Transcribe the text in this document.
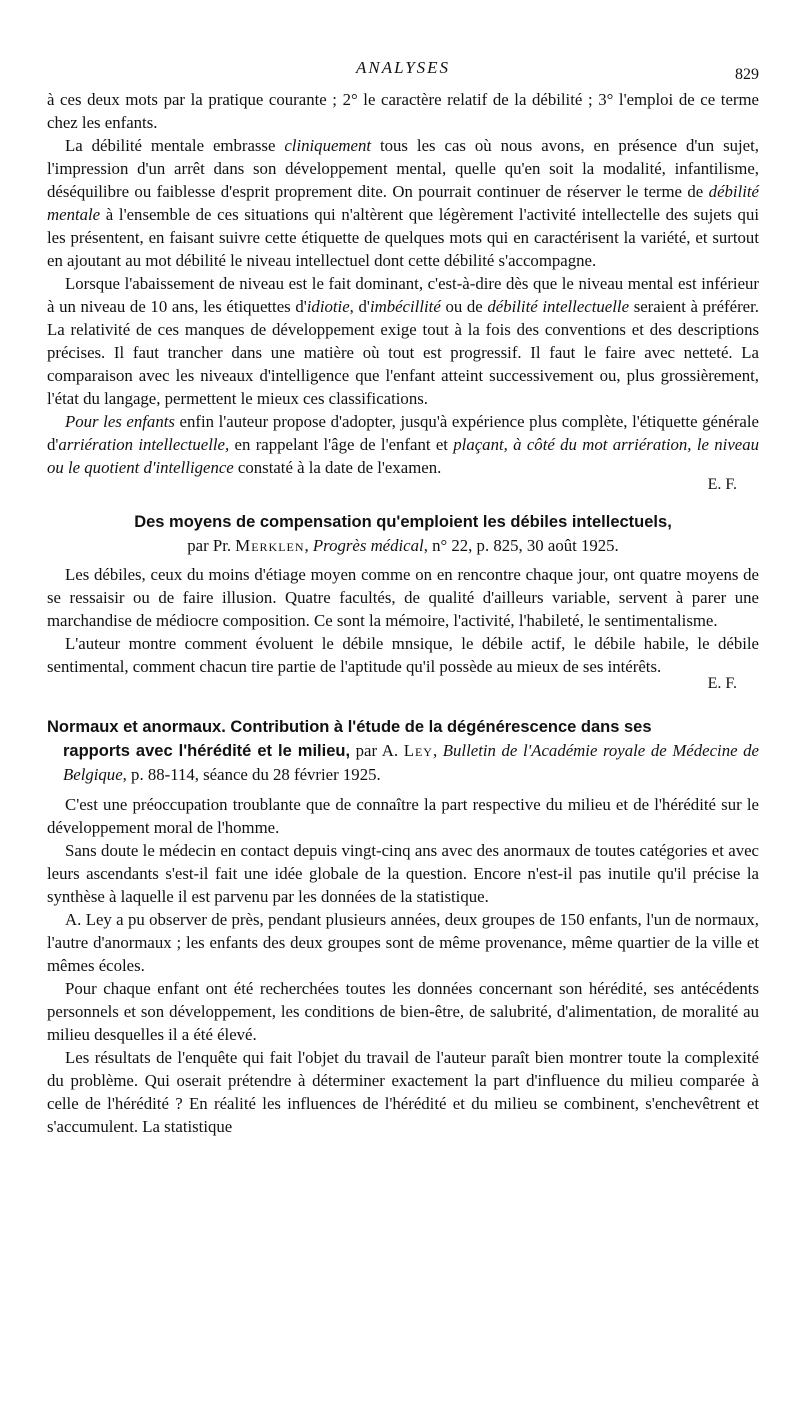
ANALYSES	829

à ces deux mots par la pratique courante ; 2° le caractère relatif de la débilité ; 3° l'emploi de ce terme chez les enfants.

La débilité mentale embrasse cliniquement tous les cas où nous avons, en présence d'un sujet, l'impression d'un arrêt dans son développement mental, quelle qu'en soit la modalité, infantilisme, déséquilibre ou faiblesse d'esprit proprement dite. On pourrait continuer de réserver le terme de débilité mentale à l'ensemble de ces situations qui n'altèrent que légèrement l'activité intellectelle des sujets qui les présentent, en faisant suivre cette étiquette de quelques mots qui en caractérisent la variété, et surtout en ajoutant au mot débilité le niveau intellectuel dont cette débilité s'accompagne.

Lorsque l'abaissement de niveau est le fait dominant, c'est-à-dire dès que le niveau mental est inférieur à un niveau de 10 ans, les étiquettes d'idiotie, d'imbécillité ou de débilité intellectuelle seraient à préférer. La relativité de ces manques de développement exige tout à la fois des conventions et des descriptions précises. Il faut trancher dans une matière où tout est progressif. Il faut le faire avec netteté. La comparaison avec les niveaux d'intelligence que l'enfant atteint successivement ou, plus grossièrement, l'état du langage, permettent le mieux ces classifications.

Pour les enfants enfin l'auteur propose d'adopter, jusqu'à expérience plus complète, l'étiquette générale d'arriération intellectuelle, en rappelant l'âge de l'enfant et plaçant, à côté du mot arriération, le niveau ou le quotient d'intelligence constaté à la date de l'examen.

E. F.
Des moyens de compensation qu'emploient les débiles intellectuels,
par Pr. Merklen, Progrès médical, n° 22, p. 825, 30 août 1925.

Les débiles, ceux du moins d'étiage moyen comme on en rencontre chaque jour, ont quatre moyens de se ressaisir ou de faire illusion. Quatre facultés, de qualité d'ailleurs variable, servent à parer une marchandise de médiocre composition. Ce sont la mémoire, l'activité, l'habileté, le sentimentalisme.

L'auteur montre comment évoluent le débile mnsique, le débile actif, le débile habile, le débile sentimental, comment chacun tire partie de l'aptitude qu'il possède au mieux de ses intérêts.

E. F.
Normaux et anormaux. Contribution à l'étude de la dégénérescence dans ses
rapports avec l'hérédité et le milieu, par A. Ley, Bulletin de l'Académie royale de Médecine de Belgique, p. 88-114, séance du 28 février 1925.

C'est une préoccupation troublante que de connaître la part respective du milieu et de l'hérédité sur le développement moral de l'homme.

Sans doute le médecin en contact depuis vingt-cinq ans avec des anormaux de toutes catégories et avec leurs ascendants s'est-il fait une idée globale de la question. Encore n'est-il pas inutile qu'il précise la synthèse à laquelle il est parvenu par les données de la statistique.

A. Ley a pu observer de près, pendant plusieurs années, deux groupes de 150 enfants, l'un de normaux, l'autre d'anormaux ; les enfants des deux groupes sont de même provenance, même quartier de la ville et mêmes écoles.

Pour chaque enfant ont été recherchées toutes les données concernant son hérédité, ses antécédents personnels et son développement, les conditions de bien-être, de salubrité, d'alimentation, de moralité au milieu desquelles il a été élevé.

Les résultats de l'enquête qui fait l'objet du travail de l'auteur paraît bien montrer toute la complexité du problème. Qui oserait prétendre à déterminer exactement la part d'influence du milieu comparée à celle de l'hérédité ? En réalité les influences de l'hérédité et du milieu se combinent, s'enchevêtrent et s'accumulent. La statistique
